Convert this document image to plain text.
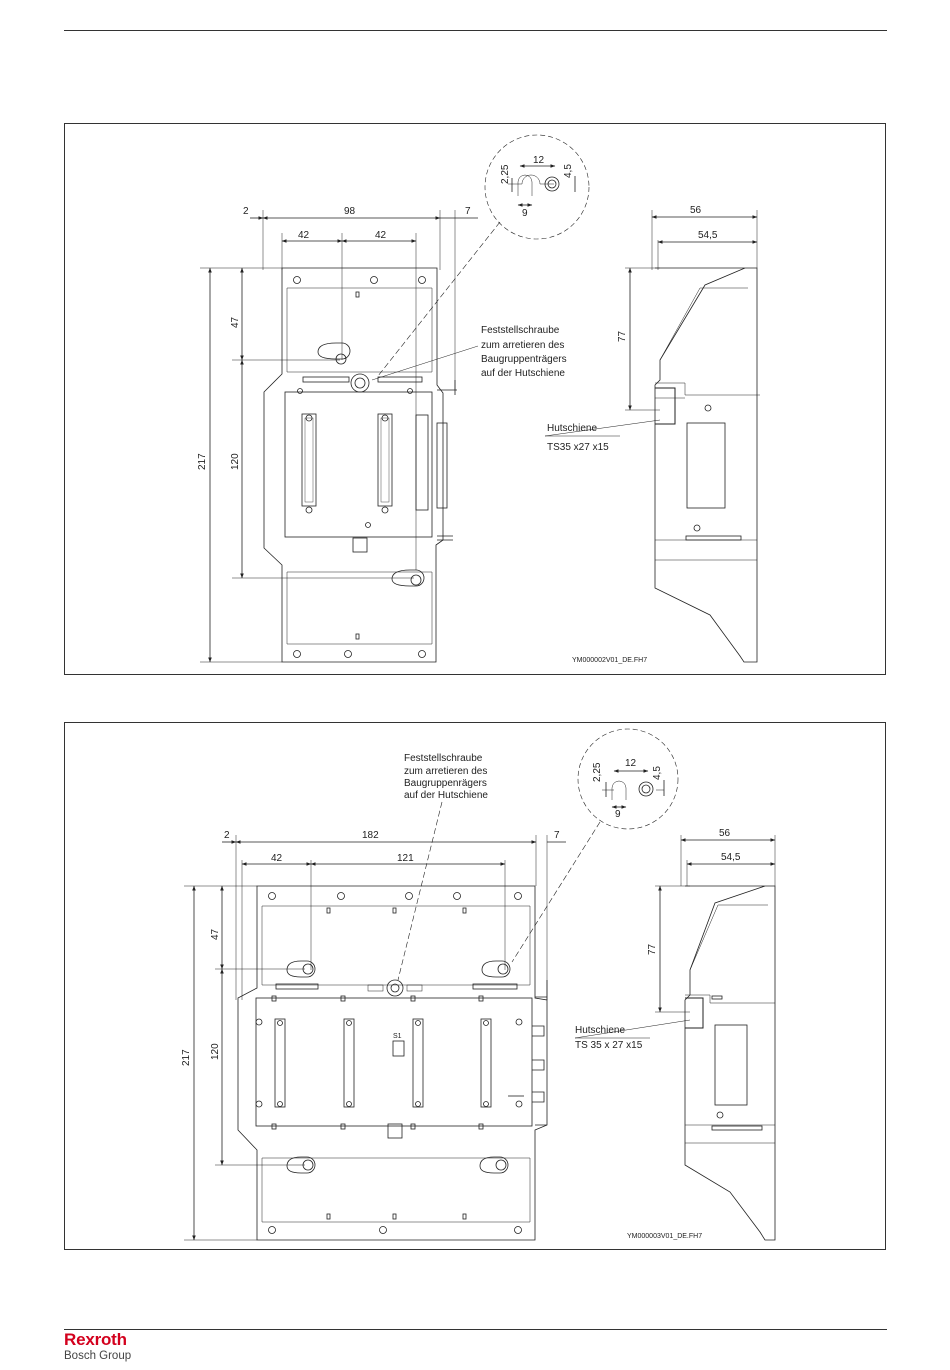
2	98	7
42	42
47
120
217
56
54,5
77
12
2,25	4,5
9
Feststellschraube
zum arretieren des
Baugruppenträgers
auf der Hutschiene
Hutschiene
TS35 x27 x15
YM000002V01_DE.FH7
2	182	7
42	121
47
120
217
56
54,5
77
12
2,25	4,5
9
Feststellschraube
zum arretieren des
Baugruppenrägers
auf der Hutschiene
Hutschiene
TS 35 x 27 x15
S1
YM000003V01_DE.FH7
Rexroth
Bosch Group
